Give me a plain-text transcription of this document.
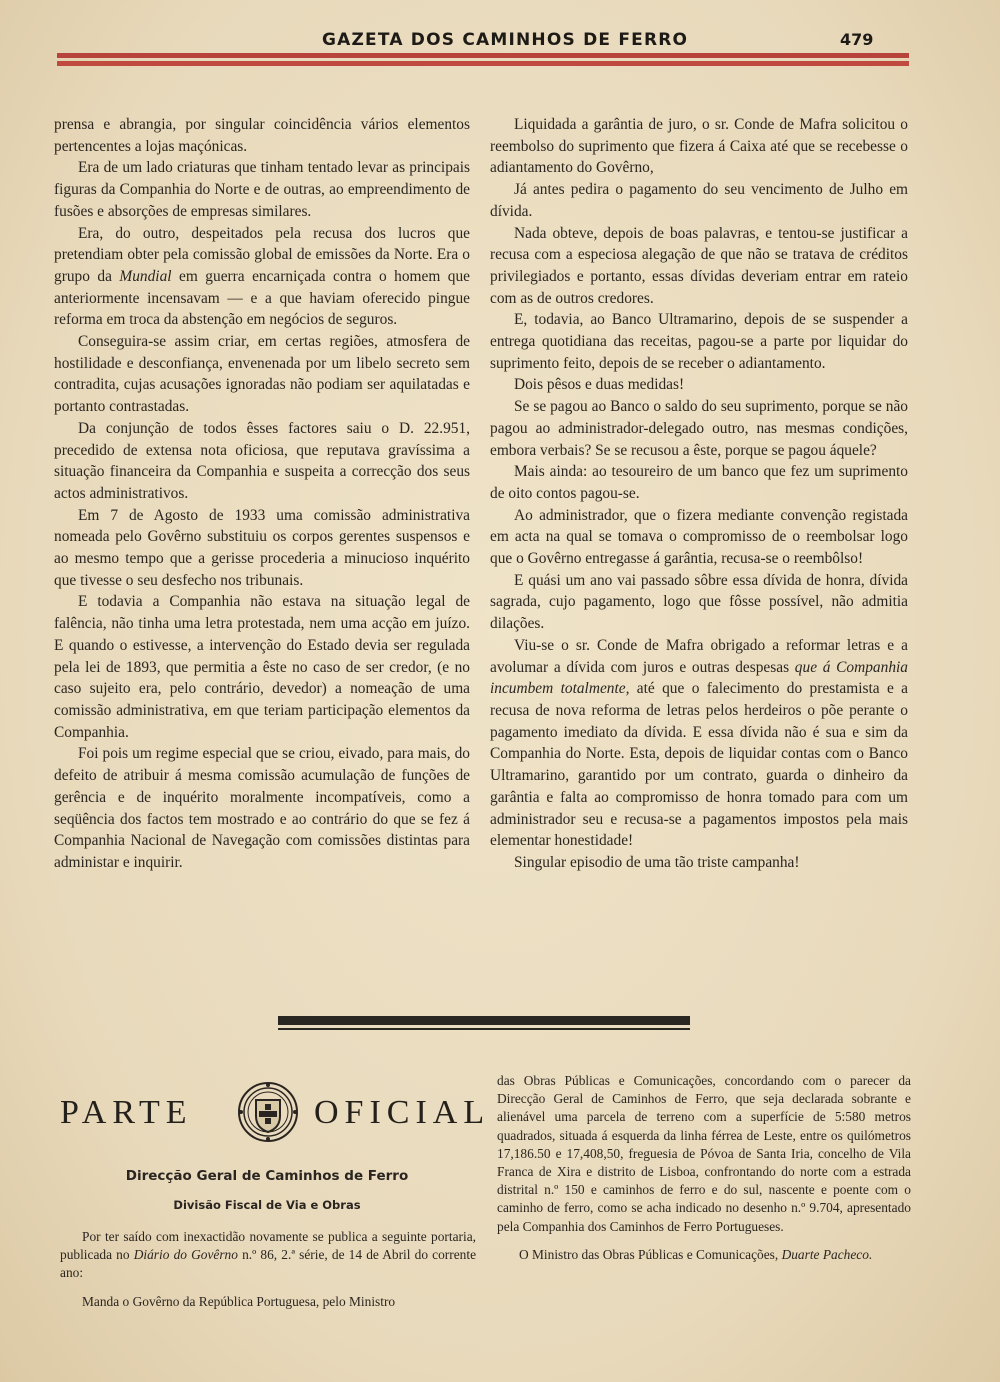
GAZETA DOS CAMINHOS DE FERRO	479

prensa e abrangia, por singular coincidência vários elementos pertencentes a lojas maçónicas.

Era de um lado criaturas que tinham tentado levar as principais figuras da Companhia do Norte e de outras, ao empreendimento de fusões e absorções de empresas similares.

Era, do outro, despeitados pela recusa dos lucros que pretendiam obter pela comissão global de emissões da Norte. Era o grupo da Mundial em guerra encarniçada contra o homem que anteriormente incensavam — e a que haviam oferecido pingue reforma em troca da abstenção em negócios de seguros.

Conseguira-se assim criar, em certas regiões, atmosfera de hostilidade e desconfiança, envenenada por um libelo secreto sem contradita, cujas acusações ignoradas não podiam ser aquilatadas e portanto contrastadas.

Da conjunção de todos êsses factores saiu o D. 22.951, precedido de extensa nota oficiosa, que reputava gravíssima a situação financeira da Companhia e suspeita a correcção dos seus actos administrativos.

Em 7 de Agosto de 1933 uma comissão administrativa nomeada pelo Govêrno substituiu os corpos gerentes suspensos e ao mesmo tempo que a gerisse procederia a minucioso inquérito que tivesse o seu desfecho nos tribunais.

E todavia a Companhia não estava na situação legal de falência, não tinha uma letra protestada, nem uma acção em juízo. E quando o estivesse, a intervenção do Estado devia ser regulada pela lei de 1893, que permitia a êste no caso de ser credor, (e no caso sujeito era, pelo contrário, devedor) a nomeação de uma comissão administrativa, em que teriam participação elementos da Companhia.

Foi pois um regime especial que se criou, eivado, para mais, do defeito de atribuir á mesma comissão acumulação de funções de gerência e de inquérito moralmente incompatíveis, como a seqüência dos factos tem mostrado e ao contrário do que se fez á Companhia Nacional de Navegação com comissões distintas para administar e inquirir.

Liquidada a garântia de juro, o sr. Conde de Mafra solicitou o reembolso do suprimento que fizera á Caixa até que se recebesse o adiantamento do Govêrno,

Já antes pedira o pagamento do seu vencimento de Julho em dívida.

Nada obteve, depois de boas palavras, e tentou-se justificar a recusa com a especiosa alegação de que não se tratava de créditos privilegiados e portanto, essas dívidas deveriam entrar em rateio com as de outros credores.

E, todavia, ao Banco Ultramarino, depois de se suspender a entrega quotidiana das receitas, pagou-se a parte por liquidar do suprimento feito, depois de se receber o adiantamento.

Dois pêsos e duas medidas!

Se se pagou ao Banco o saldo do seu suprimento, porque se não pagou ao administrador-delegado outro, nas mesmas condições, embora verbais? Se se recusou a êste, porque se pagou áquele?

Mais ainda: ao tesoureiro de um banco que fez um suprimento de oito contos pagou-se.

Ao administrador, que o fizera mediante convenção registada em acta na qual se tomava o compromisso de o reembolsar logo que o Govêrno entregasse á garântia, recusa-se o reembôlso!

E quási um ano vai passado sôbre essa dívida de honra, dívida sagrada, cujo pagamento, logo que fôsse possível, não admitia dilações.

Viu-se o sr. Conde de Mafra obrigado a reformar letras e a avolumar a dívida com juros e outras despesas que á Companhia incumbem totalmente, até que o falecimento do prestamista e a recusa de nova reforma de letras pelos herdeiros o põe perante o pagamento imediato da dívida. E essa dívida não é sua e sim da Companhia do Norte. Esta, depois de liquidar contas com o Banco Ultramarino, garantido por um contrato, guarda o dinheiro da garântia e falta ao compromisso de honra tomado para com um administrador seu e recusa-se a pagamentos impostos pela mais elementar honestidade!

Singular episodio de uma tão triste campanha!

PARTE	OFICIAL
Direcção Geral de Caminhos de Ferro
Divisão Fiscal de Via e Obras

Por ter saído com inexactidão novamente se publica a seguinte portaria, publicada no Diário do Govêrno n.º 86, 2.ª série, de 14 de Abril do corrente ano:

Manda o Govêrno da República Portuguesa, pelo Ministro

das Obras Públicas e Comunicações, concordando com o parecer da Direcção Geral de Caminhos de Ferro, que seja declarada sobrante e alienável uma parcela de terreno com a superfície de 5:580 metros quadrados, situada á esquerda da linha férrea de Leste, entre os quilómetros 17,186.50 e 17,408,50, freguesia de Póvoa de Santa Iria, concelho de Vila Franca de Xira e distrito de Lisboa, confrontando do norte com a estrada distrital n.º 150 e caminhos de ferro e do sul, nascente e poente com o caminho de ferro, como se acha indicado no desenho n.º 9.704, apresentado pela Companhia dos Caminhos de Ferro Portugueses.

O Ministro das Obras Públicas e Comunicações, Duarte Pacheco.
